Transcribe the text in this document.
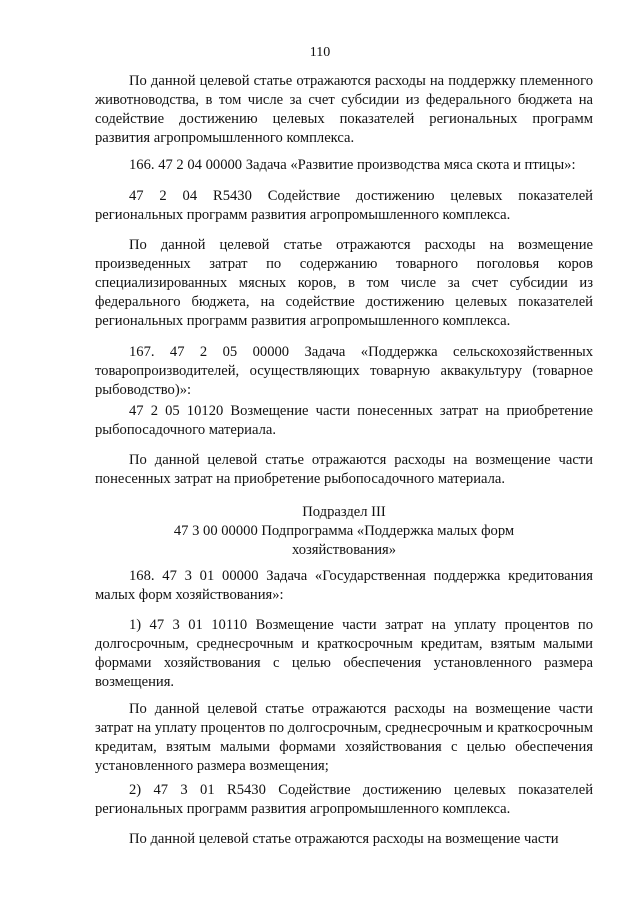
110

По данной целевой статье отражаются расходы на поддержку племенного животноводства, в том числе за счет субсидии из федерального бюджета на содействие достижению целевых показателей региональных программ развития агропромышленного комплекса.

166. 47 2 04 00000 Задача «Развитие производства мяса скота и птицы»:

47 2 04 R5430 Содействие достижению целевых показателей региональных программ развития агропромышленного комплекса.

По данной целевой статье отражаются расходы на возмещение произведенных затрат по содержанию товарного поголовья коров специализированных мясных коров, в том числе за счет субсидии из федерального бюджета, на содействие достижению целевых показателей региональных программ развития агропромышленного комплекса.

167. 47 2 05 00000 Задача «Поддержка сельскохозяйственных товаропроизводителей, осуществляющих товарную аквакультуру (товарное рыбоводство)»:

47 2 05 10120 Возмещение части понесенных затрат на приобретение рыбопосадочного материала.

По данной целевой статье отражаются расходы на возмещение части понесенных затрат на приобретение рыбопосадочного материала.

Подраздел III

47 3 00 00000 Подпрограмма «Поддержка малых форм

хозяйствования»

168. 47 3 01 00000 Задача «Государственная поддержка кредитования малых форм хозяйствования»:

1) 47 3 01 10110 Возмещение части затрат на уплату процентов по долгосрочным, среднесрочным и краткосрочным кредитам, взятым малыми формами хозяйствования с целью обеспечения установленного размера возмещения.

По данной целевой статье отражаются расходы на возмещение части затрат на уплату процентов по долгосрочным, среднесрочным и краткосрочным кредитам, взятым малыми формами хозяйствования с целью обеспечения установленного размера возмещения;

2) 47 3 01 R5430 Содействие достижению целевых показателей региональных программ развития агропромышленного комплекса.

По данной целевой статье отражаются расходы на возмещение части
